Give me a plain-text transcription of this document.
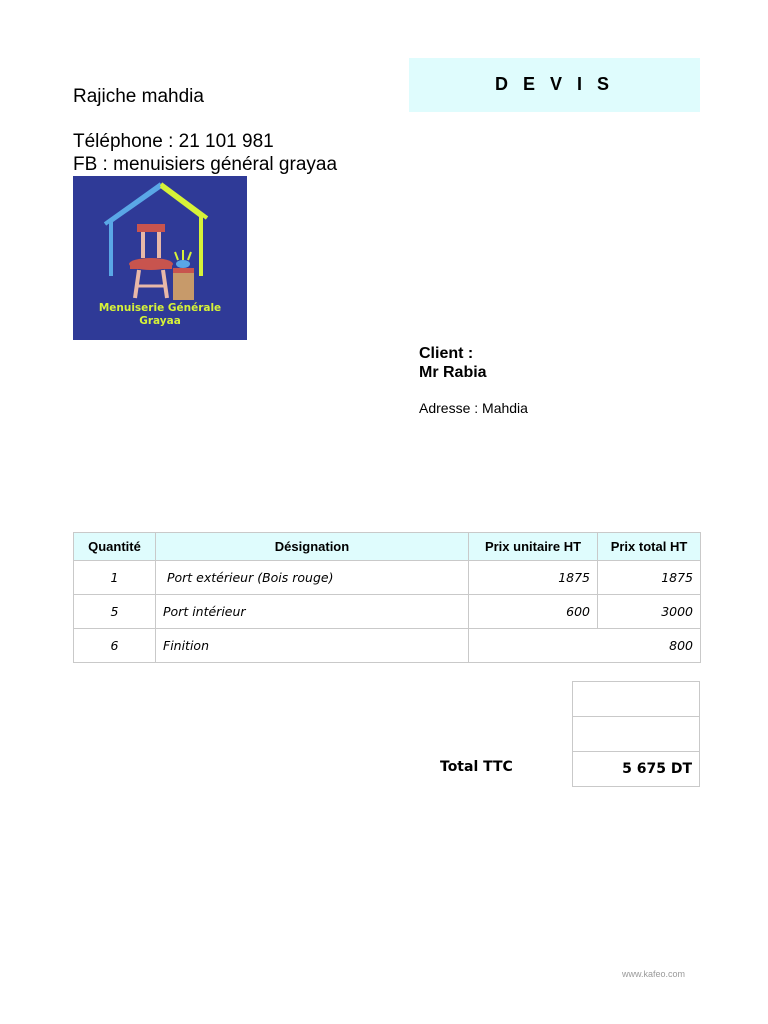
D E V I S
Rajiche mahdia
Téléphone : 21 101 981
FB : menuisiers général grayaa
Menuiserie Générale
Grayaa
Client :
Mr Rabia
Adresse : Mahdia
Quantité	Désignation	Prix unitaire HT	Prix total HT
1	Port extérieur (Bois rouge)	1875	1875
5	Port intérieur	600	3000
6	Finition	800	
5 675 DT
Total TTC
www.kafeo.com
